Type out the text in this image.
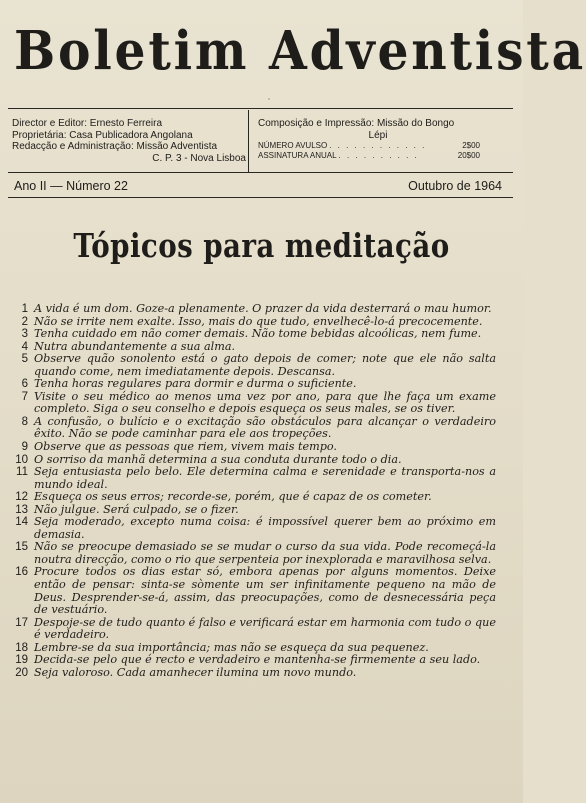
Boletim Adventista
Director e Editor: Ernesto Ferreira
Proprietária: Casa Publicadora Angolana
Redacção e Administração: Missão Adventista
C. P. 3 - Nova Lisboa
Composição e Impressão: Missão do Bongo
Lépi
NÚMERO AVULSO . . . . . . . . . . . .	2$00
ASSINATURA ANUAL . . . . . . . . . .	20$00
Ano II — Número 22	Outubro de 1964
Tópicos para meditação
1 A vida é um dom. Goze-a plenamente. O prazer da vida desterrará o mau humor.
2 Não se irrite nem exalte. Isso, mais do que tudo, envelhecê-lo-á precocemente.
3 Tenha cuidado em não comer demais. Não tome bebidas alcoólicas, nem fume.
4 Nutra abundantemente a sua alma.
5 Observe quão sonolento está o gato depois de comer; note que ele não salta quando come, nem imediatamente depois. Descansa.
6 Tenha horas regulares para dormir e durma o suficiente.
7 Visite o seu médico ao menos uma vez por ano, para que lhe faça um exame completo. Siga o seu conselho e depois esqueça os seus males, se os tiver.
8 A confusão, o bulício e o excitação são obstáculos para alcançar o verdadeiro êxito. Não se pode caminhar para ele aos tropeções.
9 Observe que as pessoas que riem, vivem mais tempo.
10 O sorriso da manhã determina a sua conduta durante todo o dia.
11 Seja entusiasta pelo belo. Ele determina calma e serenidade e transporta-nos a mundo ideal.
12 Esqueça os seus erros; recorde-se, porém, que é capaz de os cometer.
13 Não julgue. Será culpado, se o fizer.
14 Seja moderado, excepto numa coisa: é impossível querer bem ao próximo em demasia.
15 Não se preocupe demasiado se se mudar o curso da sua vida. Pode recomeçá-la noutra direcção, como o rio que serpenteia por inexplorada e maravilhosa selva.
16 Procure todos os dias estar só, embora apenas por alguns momentos. Deixe então de pensar: sinta-se sòmente um ser infinitamente pequeno na mão de Deus. Desprender-se-á, assim, das preocupações, como de desnecessária peça de vestuário.
17 Despoje-se de tudo quanto é falso e verificará estar em harmonia com tudo o que é verdadeiro.
18 Lembre-se da sua importância; mas não se esqueça da sua pequenez.
19 Decida-se pelo que é recto e verdadeiro e mantenha-se firmemente a seu lado.
20 Seja valoroso. Cada amanhecer ilumina um novo mundo.
